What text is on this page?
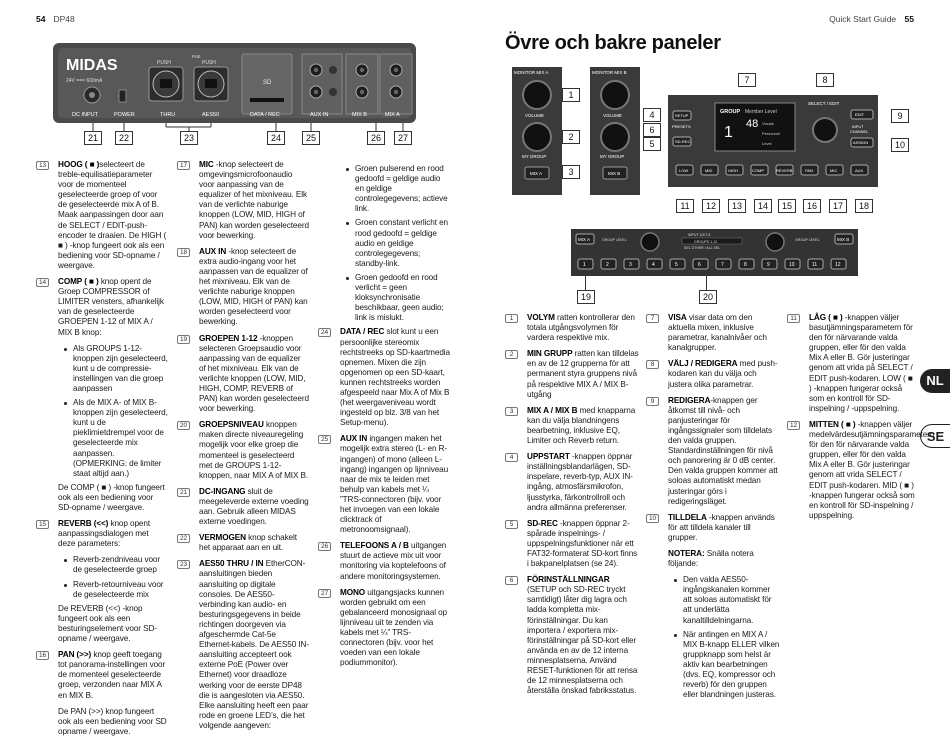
54 DP48	Quick Start Guide 55
Övre och bakre paneler
NL
SE
MIDAS
24V === 600mA
PUSH	PUSH
PoE
SD
DC INPUT	POWER	THRU	AES50	DATA / REC	AUX IN	MIX B	MIX A
21	22	23	24	25	26	27
MONITOR MIX A
VOLUME
MY GROUP
MIX A
MONITOR MIX B
VOLUME
MY GROUP
MIX B
SETUP
PRESETS
SD-REC
GROUP Member Level
1 48 Vocals
Personnel
Level
SELECT / EDIT
EDIT
INPUT
CHANNEL
ASSIGN
LOW	MID	HIGH	COMP	REVERB	PAN	MIC	AUX
1
2
3
4
5
6
7	8
9
10
11	12	13	14	15	16	17	18
MIX A	MIX B
GROUP LEVEL	GROUP LEVEL
INPUT 1/2/7-8
GROUPS 1-12
SEL OTHER / ALL SEL
1	2	3	4	5	6	7	8	9	10	11	12
19	20
13	HOOG ( ■ )selecteert de treble-equilisatieparameter voor de momenteel geselecteerde groep of voor de geselecteerde mix A of B. Maak aanpassingen door aan de SELECT / EDIT-push-encoder te draaien. De HIGH ( ■ ) -knop fungeert ook als een bediening voor SD-opname / weergave.
14	COMP ( ■ ) knop opent de Groep COMPRESSOR of LIMITER vensters, afhankelijk van de geselecteerde GROEPEN 1-12 of MIX A / MIX B knop:
Als GROUPS 1-12-knoppen zijn geselecteerd, kunt u de compressie-instellingen van die groep aanpassen
Als de MIX A- of MIX B-knoppen zijn geselecteerd, kunt u de pieklimietdrempel voor de geselecteerde mix aanpassen. (OPMERKING: de limiter staat altijd aan.)
De COMP ( ■ ) -knop fungeert ook als een bediening voor SD-opname / weergave.
15	REVERB (<<) knop opent aanpassingsdialogen met deze parameters:
Reverb-zendniveau voor de geselecteerde groep
Reverb-retourniveau voor de geselecteerde mix
De REVERB (<<) -knop fungeert ook als een besturingselement voor SD-opname / weergave.
16	PAN (>>) knop geeft toegang tot panorama-instellingen voor de momenteel geselecteerde groep, verzonden naar MIX A en MIX B.
De PAN (>>) knop fungeert ook als een bediening voor SD opname / weergave.
17	MIC -knop selecteert de omgevingsmicrofoonaudio voor aanpassing van de equalizer of het mixniveau. Elk van de verlichte naburige knoppen (LOW, MID, HIGH of PAN) kan worden geselecteerd voor bewerking.
18	AUX IN -knop selecteert de extra audio-ingang voor het aanpassen van de equalizer of het mixniveau. Elk van de verlichte naburige knoppen (LOW, MID, HIGH of PAN) kan worden geselecteerd voor bewerking.
19	GROEPEN 1-12 -knoppen selecteren Groepsaudio voor aanpassing van de equalizer of het mixniveau. Elk van de verlichte knoppen (LOW, MID, HIGH, COMP, REVERB of PAN) kan worden geselecteerd voor bewerking.
20	GROEPSNIVEAU knoppen maken directe niveauregeling mogelijk voor elke groep die momenteel is geselecteerd met de GROUPS 1-12-knoppen, naar MIX A of MIX B.
21	DC-INGANG sluit de meegeleverde externe voeding aan. Gebruik alleen MIDAS externe voedingen.
22	VERMOGEN knop schakelt het apparaat aan en uit.
23	AES50 THRU / IN EtherCON-aansluitingen bieden aansluiting op digitale consoles. De AES50-verbinding kan audio- en besturingsgegevens in beide richtingen doorgeven via afgeschermde Cat-5e Ethernet-kabels. De AES50 IN-aansluiting accepteert ook externe PoE (Power over Ethernet) voor draadloze werking voor de eerste DP48 die is aangesloten via AES50. Elke aansluiting heeft een paar rode en groene LED’s, die het volgende aangeven:
Groen pulserend en rood gedoofd = geldige audio en geldige controlegegevens; actieve link.
Groen constant verlicht en rood gedoofd = geldige audio en geldige controlegegevens; standby-link.
Groen gedoofd en rood verlicht = geen kloksynchronisatie beschikbaar, geen audio; link is mislukt.
24	DATA / REC slot kunt u een persoonlijke stereomix rechtstreeks op SD-kaartmedia opnemen. Mixen die zijn opgenomen op een SD-kaart, kunnen rechtstreeks worden afgespeeld naar Mix A of Mix B (het weergaveniveau wordt ingesteld op blz. 3/8 van het Setup-menu).
25	AUX IN ingangen maken het mogelijk extra stereo (L- en R-ingangen) of mono (alleen L-ingang) ingangen op lijnniveau naar de mix te leiden met behulp van kabels met ¼ ”TRS-connectoren (bijv. voor het invoegen van een lokale clicktrack of metronoomsignaal).
26	TELEFOONS A / B uitgangen stuurt de actieve mix uit voor monitoring via koptelefoons of andere monitoringsystemen.
27	MONO uitgangsjacks kunnen worden gebruikt om een gebalanceerd monosignaal op lijnniveau uit te zenden via kabels met ¼” TRS-connectoren (bijv. voor het voeden van een lokale podiummonitor).
1	VOLYM ratten kontrollerar den totala utgångsvolymen för vardera respektive mix.
2	MIN GRUPP ratten kan tilldelas en av de 12 grupperna för att permanent styra gruppens nivå på respektive MIX A / MIX B-utgång
3	MIX A / MIX B med knapparna kan du välja blandningens bearbetning, inklusive EQ, Limiter och Reverb return.
4	UPPSTART -knappen öppnar inställningsblandarlägen, SD-inspelare, reverb-typ, AUX IN-ingång, atmosfärsmikrofon, ljusstyrka, färkontrollroll och andra allmänna preferenser.
5	SD-REC -knappen öppnar 2-spårade inspelnings- / uppspelningsfunktioner när ett FAT32-formaterat SD-kort finns i bakpanelplatsen (se 24).
6	FÖRINSTÄLLNINGAR (SETUP och SD-REC tryckt samtidigt) låter dig lagra och ladda kompletta mix-förinställningar. Du kan importera / exportera mix-förinställningar på SD-kort eller använda en av de 12 interna minnesplatserna. Använd RESET-funktionen för att rensa de 12 minnesplatserna och återställa önskad fabriksstatus.
7	VISA visar data om den aktuella mixen, inklusive parametrar, kanalnivåer och kanalgrupper.
8	VÄLJ / REDIGERA med push-kodaren kan du välja och justera olika parametrar.
9	REDIGERA-knappen ger åtkomst till nivå- och panjusteringar för ingångssignaler som tilldelats den valda gruppen. Standardinställningen för nivå och panorering är 0 dB center. Den valda gruppen kommer att soloas automatiskt medan justeringar görs i redigeringsläget.
10	TILLDELA -knappen används för att tilldela kanaler till grupper.
NOTERA: Snälla notera följande:
Den valda AES50-ingångskanalen kommer att soloas automatiskt för att underlätta kanaltilldelningarna.
När antingen en MIX A / MIX B-knapp ELLER vilken gruppknapp som helst är aktiv kan bearbetningen (dvs. EQ, kompressor och reverb) för den gruppen eller blandningen justeras.
11	LÅG ( ■ ) -knappen väljer basutjämningsparametern för den för närvarande valda gruppen, eller för den valda Mix A eller B. Gör justeringar genom att vrida på SELECT / EDIT push-kodaren. LOW ( ■ ) -knappen fungerar också som en kontroll för SD-inspelning / -uppspelning.
12	MITTEN ( ■ ) -knappen väljer medelvärdesutjämningsparametern för den för närvarande valda gruppen, eller för den valda Mix A eller B. Gör justeringar genom att vrida SELECT / EDIT push-kodaren. MID ( ■ ) -knappen fungerar också som en kontroll för SD-inspelning / uppspelning.
